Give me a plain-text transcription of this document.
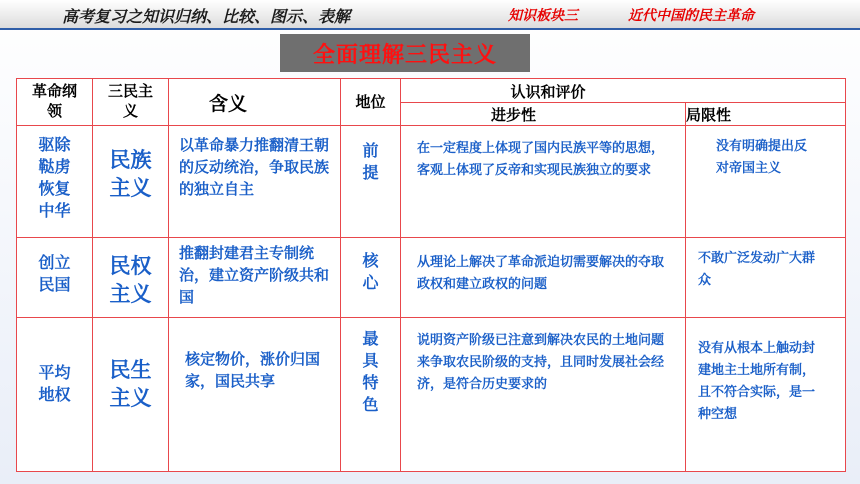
高考复习之知识归纳、比较、图示、表解	知识板块三	近代中国的民主革命
全面理解三民主义
革命纲领	三民主义	含义	地位	认识和评价	
				进步性	局限性
驱除鞑虏恢复中华	民族主义	以革命暴力推翻清王朝的反动统治，争取民族的独立自主	前提	在一定程度上体现了国内民族平等的思想，客观上体现了反帝和实现民族独立的要求	没有明确提出反对帝国主义
创立民国	民权主义	推翻封建君主专制统治，建立资产阶级共和国	核心	从理论上解决了革命派迫切需要解决的夺取政权和建立政权的问题	不敢广泛发动广大群众
平均地权	民生主义	核定物价，涨价归国家，国民共享	最具特色	说明资产阶级已注意到解决农民的土地问题来争取农民阶级的支持，且同时发展社会经济，是符合历史要求的	没有从根本上触动封建地主土地所有制，且不符合实际，是一种空想
